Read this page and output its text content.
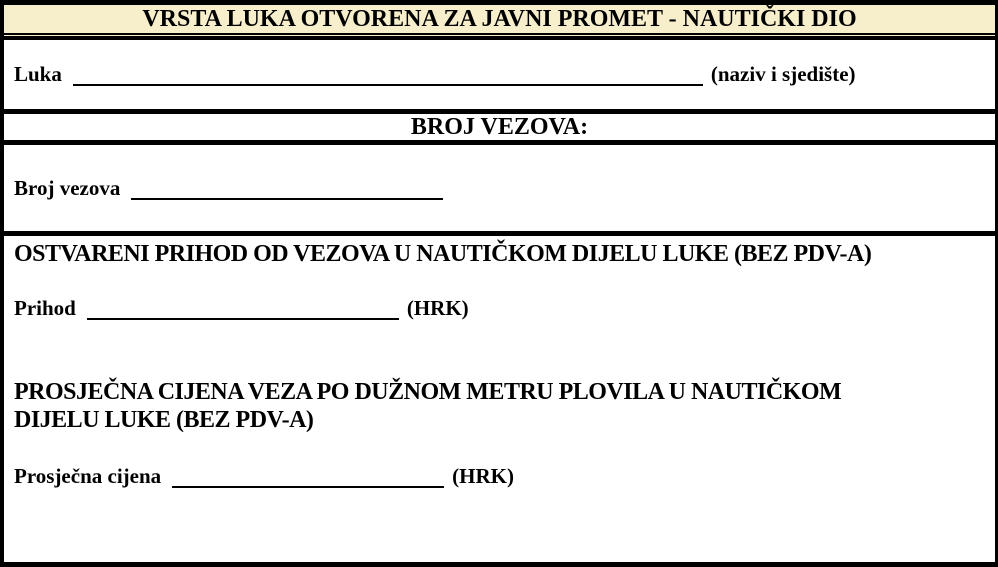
VRSTA LUKA OTVORENA ZA JAVNI PROMET - NAUTIČKI DIO
Luka	(naziv i sjedište)
BROJ VEZOVA:
Broj vezova
OSTVARENI PRIHOD OD VEZOVA U NAUTIČKOM DIJELU LUKE (BEZ PDV-A)
Prihod	(HRK)
PROSJEČNA CIJENA VEZA PO DUŽNOM METRU PLOVILA U NAUTIČKOM
DIJELU LUKE (BEZ PDV-A)
Prosječna cijena	(HRK)
